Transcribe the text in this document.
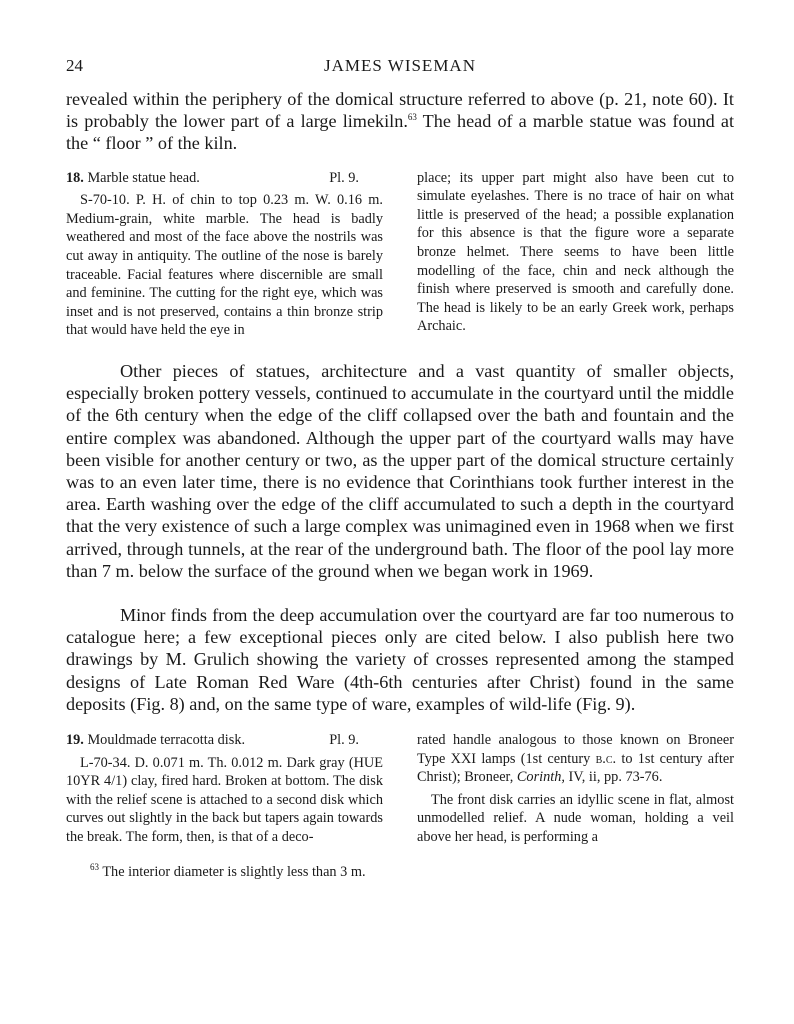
24	JAMES WISEMAN

revealed within the periphery of the domical structure referred to above (p. 21, note 60). It is probably the lower part of a large limekiln.$^{63}$ The head of a marble statue was found at the “ floor ” of the kiln.

18. Marble statue head.	Pl. 9.

S-70-10. P. H. of chin to top 0.23 m. W. 0.16 m. Medium-grain, white marble. The head is badly weathered and most of the face above the nostrils was cut away in antiquity. The outline of the nose is barely traceable. Facial features where discernible are small and feminine. The cutting for the right eye, which was inset and is not preserved, contains a thin bronze strip that would have held the eye in

place; its upper part might also have been cut to simulate eyelashes. There is no trace of hair on what little is preserved of the head; a possible explanation for this absence is that the figure wore a separate bronze helmet. There seems to have been little modelling of the face, chin and neck although the finish where preserved is smooth and carefully done. The head is likely to be an early Greek work, perhaps Archaic.

Other pieces of statues, architecture and a vast quantity of smaller objects, especially broken pottery vessels, continued to accumulate in the courtyard until the middle of the 6th century when the edge of the cliff collapsed over the bath and fountain and the entire complex was abandoned. Although the upper part of the courtyard walls may have been visible for another century or two, as the upper part of the domical structure certainly was to an even later time, there is no evidence that Corinthians took further interest in the area. Earth washing over the edge of the cliff accumulated to such a depth in the courtyard that the very existence of such a large complex was unimagined even in 1968 when we first arrived, through tunnels, at the rear of the underground bath. The floor of the pool lay more than 7 m. below the surface of the ground when we began work in 1969.

Minor finds from the deep accumulation over the courtyard are far too numerous to catalogue here; a few exceptional pieces only are cited below. I also publish here two drawings by M. Grulich showing the variety of crosses represented among the stamped designs of Late Roman Red Ware (4th-6th centuries after Christ) found in the same deposits (Fig. 8) and, on the same type of ware, examples of wild-life (Fig. 9).

19. Mouldmade terracotta disk.	Pl. 9.

L-70-34. D. 0.071 m. Th. 0.012 m. Dark gray (HUE 10YR 4/1) clay, fired hard. Broken at bottom. The disk with the relief scene is attached to a second disk which curves out slightly in the back but tapers again towards the break. The form, then, is that of a deco-

rated handle analogous to those known on Broneer Type XXI lamps (1st century b.c. to 1st century after Christ); Broneer, Corinth, IV, ii, pp. 73-76.

The front disk carries an idyllic scene in flat, almost unmodelled relief. A nude woman, holding a veil above her head, is performing a

$^{63}$ The interior diameter is slightly less than 3 m.
